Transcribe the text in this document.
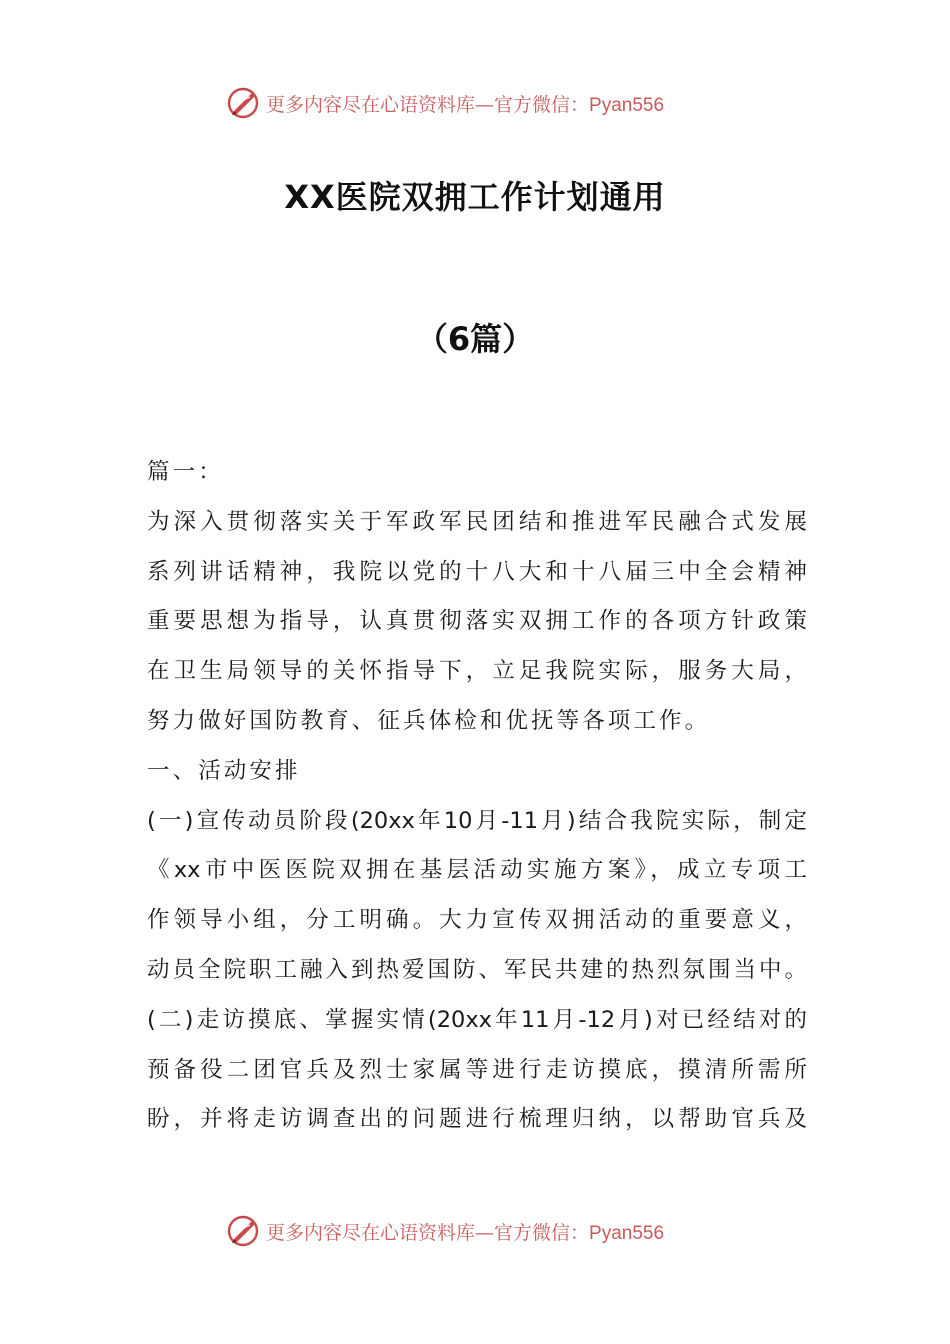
更多内容尽在心语资料库—官方微信：Pyan556
XX医院双拥工作计划通用
（6篇）
篇一：
为深入贯彻落实关于军政军民团结和推进军民融合式发展
系列讲话精神，我院以党的十八大和十八届三中全会精神
重要思想为指导，认真贯彻落实双拥工作的各项方针政策
在卫生局领导的关怀指导下，立足我院实际，服务大局，
努力做好国防教育、征兵体检和优抚等各项工作。
一、活动安排
(一)宣传动员阶段(20xx年10月-11月)结合我院实际，制定
《xx市中医医院双拥在基层活动实施方案》，成立专项工
作领导小组，分工明确。大力宣传双拥活动的重要意义，
动员全院职工融入到热爱国防、军民共建的热烈氛围当中。
(二)走访摸底、掌握实情(20xx年11月-12月)对已经结对的
预备役二团官兵及烈士家属等进行走访摸底，摸清所需所
盼，并将走访调查出的问题进行梳理归纳，以帮助官兵及
更多内容尽在心语资料库—官方微信：Pyan556
